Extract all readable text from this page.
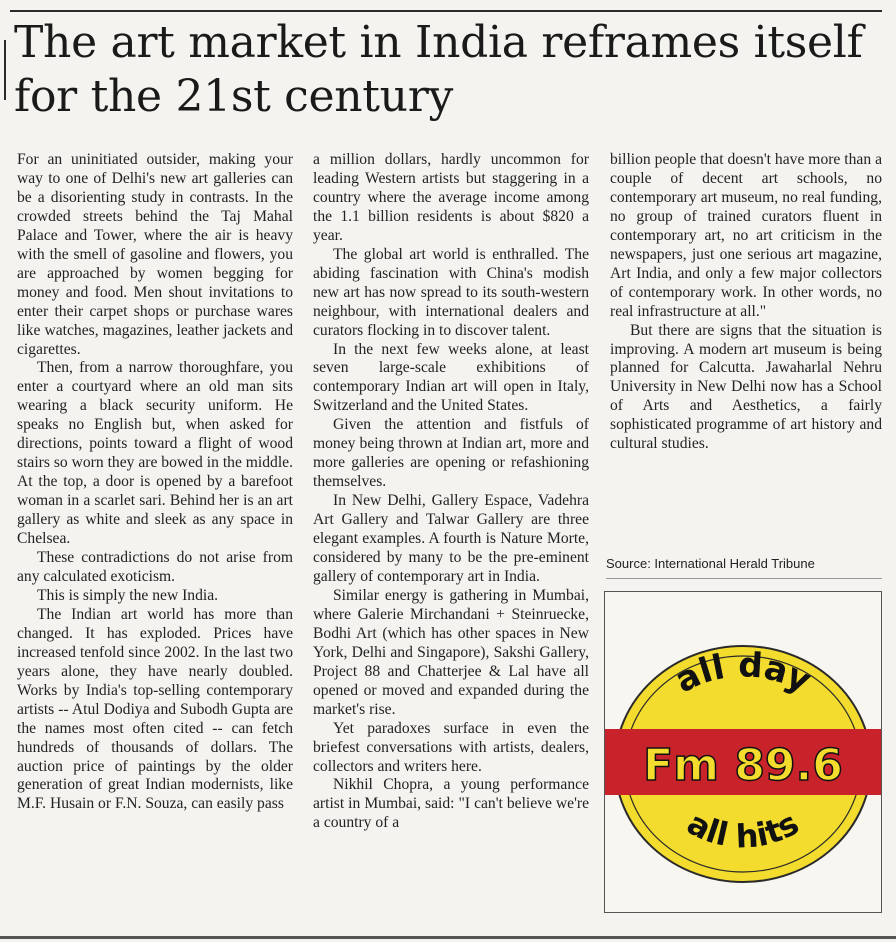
The art market in India reframes itself for the 21st century

For an uninitiated outsider, making your way to one of Delhi's new art galleries can be a disorienting study in contrasts. In the crowded streets behind the Taj Mahal Palace and Tower, where the air is heavy with the smell of gasoline and flowers, you are approached by women begging for money and food. Men shout invitations to enter their carpet shops or purchase wares like watches, magazines, leather jackets and cigarettes.

Then, from a narrow thoroughfare, you enter a courtyard where an old man sits wearing a black security uniform. He speaks no English but, when asked for directions, points toward a flight of wood stairs so worn they are bowed in the middle. At the top, a door is opened by a barefoot woman in a scarlet sari. Behind her is an art gallery as white and sleek as any space in Chelsea.

These contradictions do not arise from any calculated exoticism.

This is simply the new India.

The Indian art world has more than changed. It has exploded. Prices have increased tenfold since 2002. In the last two years alone, they have nearly doubled. Works by India's top-selling contemporary artists -- Atul Dodiya and Subodh Gupta are the names most often cited -- can fetch hundreds of thousands of dollars. The auction price of paintings by the older generation of great Indian modernists, like M.F. Husain or F.N. Souza, can easily pass

a million dollars, hardly uncommon for leading Western artists but staggering in a country where the average income among the 1.1 billion residents is about $820 a year.

The global art world is enthralled. The abiding fascination with China's modish new art has now spread to its south-western neighbour, with international dealers and curators flocking in to discover talent.

In the next few weeks alone, at least seven large-scale exhibitions of contemporary Indian art will open in Italy, Switzerland and the United States.

Given the attention and fistfuls of money being thrown at Indian art, more and more galleries are opening or refashioning themselves.

In New Delhi, Gallery Espace, Vadehra Art Gallery and Talwar Gallery are three elegant examples. A fourth is Nature Morte, considered by many to be the pre-eminent gallery of contemporary art in India.

Similar energy is gathering in Mumbai, where Galerie Mirchandani + Steinruecke, Bodhi Art (which has other spaces in New York, Delhi and Singapore), Sakshi Gallery, Project 88 and Chatterjee & Lal have all opened or moved and expanded during the market's rise.

Yet paradoxes surface in even the briefest conversations with artists, dealers, collectors and writers here.

Nikhil Chopra, a young performance artist in Mumbai, said: "I can't believe we're a country of a

billion people that doesn't have more than a couple of decent art schools, no contemporary art museum, no real funding, no group of trained curators fluent in contemporary art, no art criticism in the newspapers, just one serious art magazine, Art India, and only a few major collectors of contemporary work. In other words, no real infrastructure at all."

But there are signs that the situation is improving. A modern art museum is being planned for Calcutta. Jawaharlal Nehru University in New Delhi now has a School of Arts and Aesthetics, a fairly sophisticated programme of art history and cultural studies.

Source: International Herald Tribune
all day
Fm 89.6
all hits
